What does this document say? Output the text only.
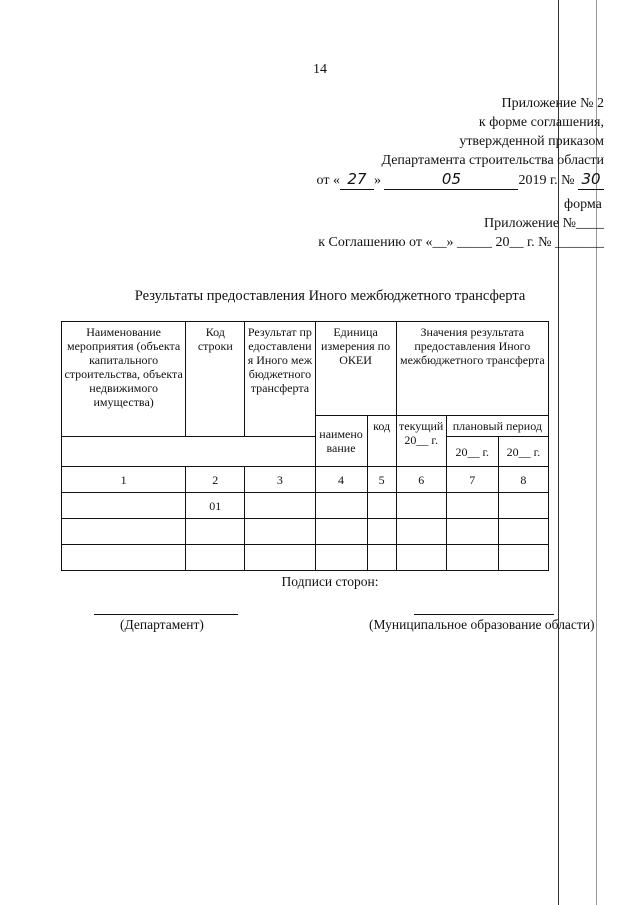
14
Приложение № 2
к форме соглашения,
утвержденной приказом
Департамента строительства области
от « 27 »	05	2019 г. № 30
форма
Приложение №____
к Соглашению от «__» _____ 20__ г. № _______
Результаты предоставления Иного межбюджетного трансферта
Наименование мероприятия (объекта капитального строительства, объекта недвижимого имущества)	Код строки	Результат предоставления Иного межбюджетного трансферта	Единица измерения по ОКЕИ		Значения результата предоставления Иного межбюджетного трансферта		
			наименование	код	текущий 20__ г.	плановый период	
						20__ г.	20__ г.
1	2	3	4	5	6	7	8
	01						

Подписи сторон:
(Департамент)	(Муниципальное образование области)
